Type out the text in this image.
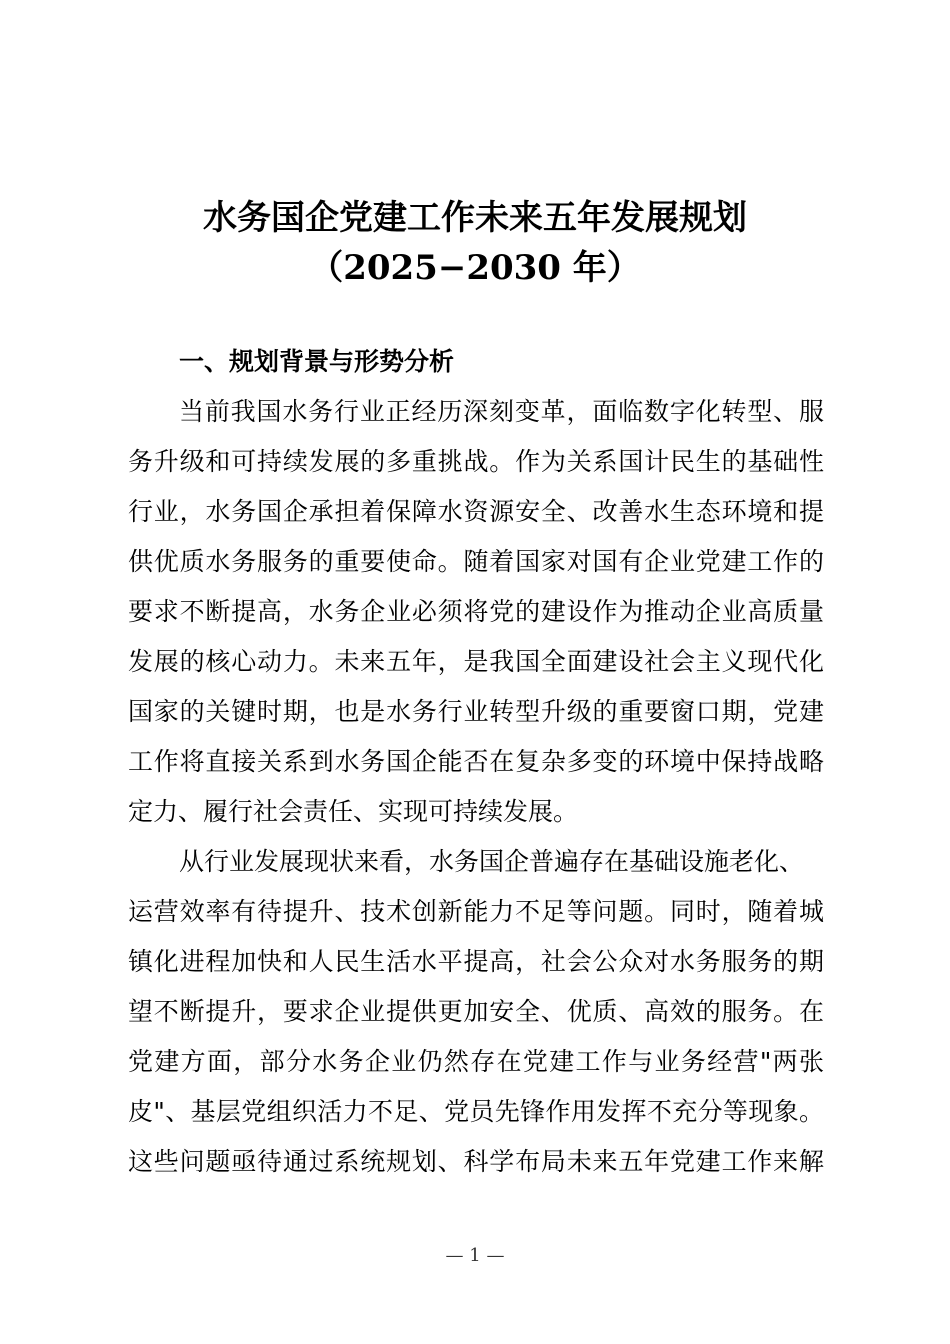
水务国企党建工作未来五年发展规划
（2025−2030 年）
一、规划背景与形势分析
当前我国水务行业正经历深刻变革，面临数字化转型、服
务升级和可持续发展的多重挑战。作为关系国计民生的基础性
行业，水务国企承担着保障水资源安全、改善水生态环境和提
供优质水务服务的重要使命。随着国家对国有企业党建工作的
要求不断提高，水务企业必须将党的建设作为推动企业高质量
发展的核心动力。未来五年，是我国全面建设社会主义现代化
国家的关键时期，也是水务行业转型升级的重要窗口期，党建
工作将直接关系到水务国企能否在复杂多变的环境中保持战略
定力、履行社会责任、实现可持续发展。
从行业发展现状来看，水务国企普遍存在基础设施老化、
运营效率有待提升、技术创新能力不足等问题。同时，随着城
镇化进程加快和人民生活水平提高，社会公众对水务服务的期
望不断提升，要求企业提供更加安全、优质、高效的服务。在
党建方面，部分水务企业仍然存在党建工作与业务经营"两张
皮"、基层党组织活力不足、党员先锋作用发挥不充分等现象。
这些问题亟待通过系统规划、科学布局未来五年党建工作来解
— 1 —
